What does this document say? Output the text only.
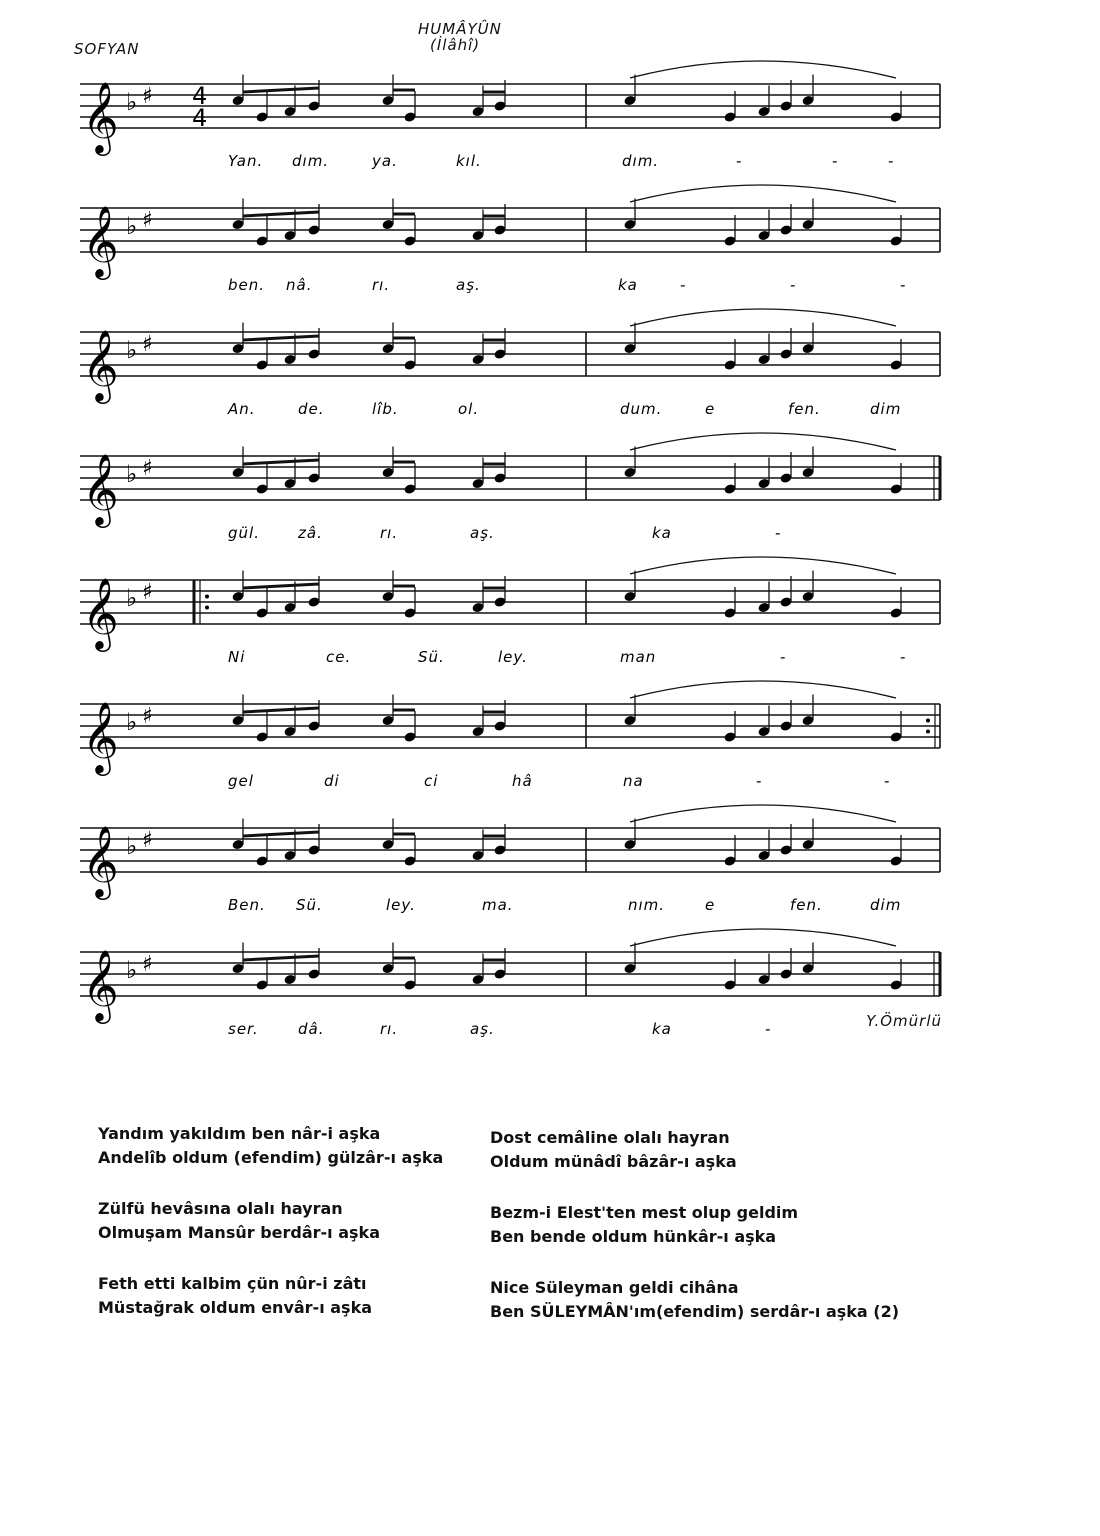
SOFYAN
HUMÂYÛN
(İlâhî)
𝄞 ♭ ♯ 4
4
Yan. dım.	ya.	kıl.	dım.	-	-	-
𝄞 ♭ ♯
ben. nâ.	rı.	aş.	ka	-	-	-
𝄞 ♭ ♯
An.	de.	lîb.	ol.	dum.	e	fen.	dim
𝄞 ♭ ♯
gül.	zâ.	rı.	aş.	ka	-
𝄞 ♭ ♯
Ni	ce.	Sü.	ley.	man	-	-
𝄞 ♭ ♯
gel	di	ci	hâ	na	-	-
𝄞 ♭ ♯
Ben. Sü.	ley.	ma.	nım.	e	fen.	dim
𝄞 ♭ ♯
ser.	dâ.	rı.	aş.	ka	-	Y.Ömürlü
Yandım yakıldım ben nâr-i aşka
Andelîb oldum (efendim) gülzâr-ı aşka
Zülfü hevâsına olalı hayran
Olmuşam Mansûr berdâr-ı aşka
Feth etti kalbim çün nûr-i zâtı
Müstağrak oldum envâr-ı aşka
Dost cemâline olalı hayran
Oldum münâdî bâzâr-ı aşka
Bezm-i Elest'ten mest olup geldim
Ben bende oldum hünkâr-ı aşka
Nice Süleyman geldi cihâna
Ben SÜLEYMÂN'ım(efendim) serdâr-ı aşka (2)
